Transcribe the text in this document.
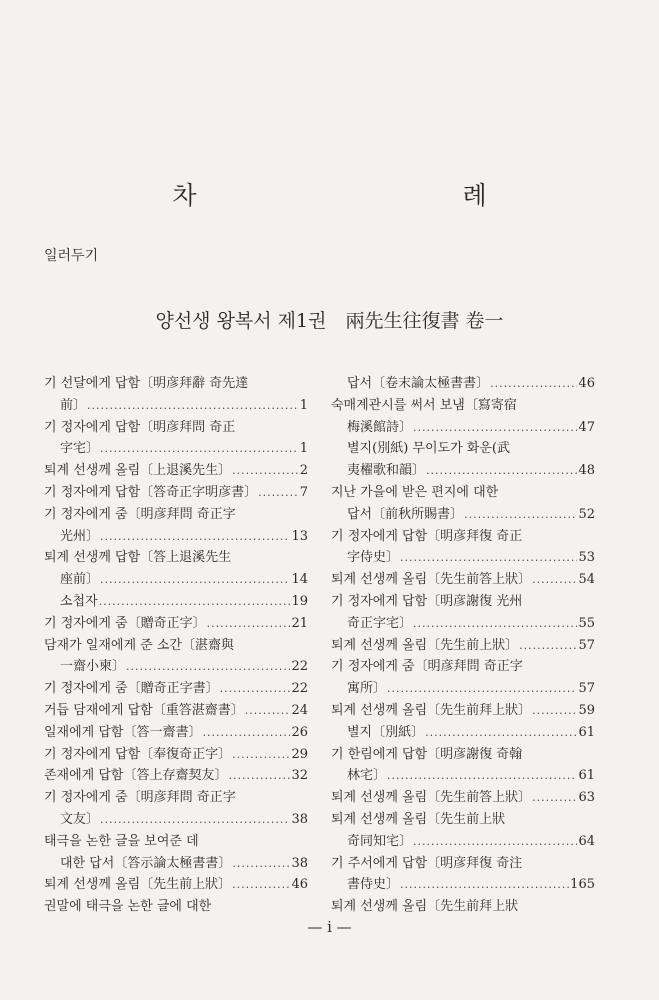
차　　례
일러두기
양선생 왕복서 제1권　兩先生往復書 卷一
기 선달에게 답함〔明彦拜辭 奇先達
前〕 .....	1
기 정자에게 답함〔明彦拜問 奇正
字宅〕 .....	1
퇴계 선생께 올림〔上退溪先生〕 .....	2
기 정자에게 답함〔答奇正字明彦書〕 .....	7
기 정자에게 줌〔明彦拜問 奇正字
光州〕 .....	13
퇴계 선생께 답함〔答上退溪先生
座前〕 .....	14
소첩자 .....	19
기 정자에게 줌〔贈奇正字〕 .....	21
담재가 일재에게 준 소간〔湛齋與
一齋小柬〕 .....	22
기 정자에게 줌〔贈奇正字書〕 .....	22
거듭 담재에게 답함〔重答湛齋書〕 .....	24
일재에게 답함〔答一齋書〕 .....	26
기 정자에게 답함〔奉復奇正字〕 .....	29
존재에게 답함〔答上存齋契友〕 .....	32
기 정자에게 줌〔明彦拜問 奇正字
文友〕 .....	38
태극을 논한 글을 보여준 데
대한 답서〔答示論太極書書〕 .....	38
퇴계 선생께 올림〔先生前上狀〕 .....	46
권말에 태극을 논한 글에 대한
답서〔卷末論太極書書〕 .....	46
숙매계관시를 써서 보냄〔寫寄宿
梅溪館詩〕 .....	47
별지(別紙) 무이도가 화운(武
夷櫂歌和韻〕 .....	48
지난 가을에 받은 편지에 대한
답서〔前秋所賜書〕 .....	52
기 정자에게 답함〔明彦拜復 奇正
字侍史〕 .....	53
퇴계 선생께 올림〔先生前答上狀〕 .....	54
기 정자에게 답함〔明彦謝復 光州
奇正字宅〕 .....	55
퇴계 선생께 올림〔先生前上狀〕 .....	57
기 정자에게 줌〔明彦拜問 奇正字
寓所〕 .....	57
퇴계 선생께 올림〔先生前拜上狀〕 .....	59
별지〔別紙〕 .....	61
기 한림에게 답함〔明彦謝復 奇翰
林宅〕 .....	61
퇴계 선생께 올림〔先生前答上狀〕 .....	63
퇴계 선생께 올림〔先生前上狀
奇同知宅〕 .....	64
기 주서에게 답함〔明彦拜復 奇注
書侍史〕 .....	165
퇴계 선생께 올림〔先生前拜上狀
— i —
